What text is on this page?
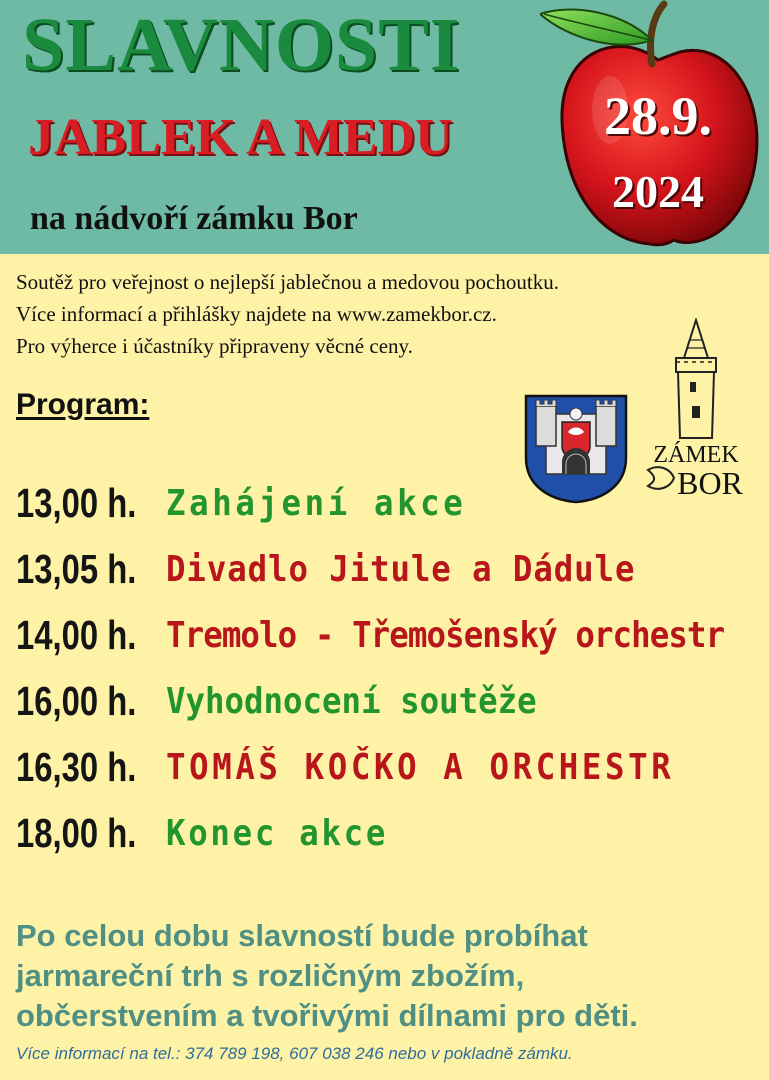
SLAVNOSTI
JABLEK A MEDU
na nádvoří zámku Bor
28.9.
2024
Soutěž pro veřejnost o nejlepší jablečnou a medovou pochoutku.
Více informací a přihlášky najdete na www.zamekbor.cz.
Pro výherce i účastníky připraveny věcné ceny.
Program:
ZÁMEK
BOR
13,00 h. Zahájení akce
13,05 h. Divadlo Jitule a Dádule
14,00 h. Tremolo - Třemošenský orchestr
16,00 h. Vyhodnocení soutěže
16,30 h. TOMÁŠ KOČKO A ORCHESTR
18,00 h. Konec akce
Po celou dobu slavností bude probíhat
jarmareční trh s rozličným zbožím,
občerstvením a tvořivými dílnami pro děti.
Více informací na tel.: 374 789 198, 607 038 246 nebo v pokladně zámku.
